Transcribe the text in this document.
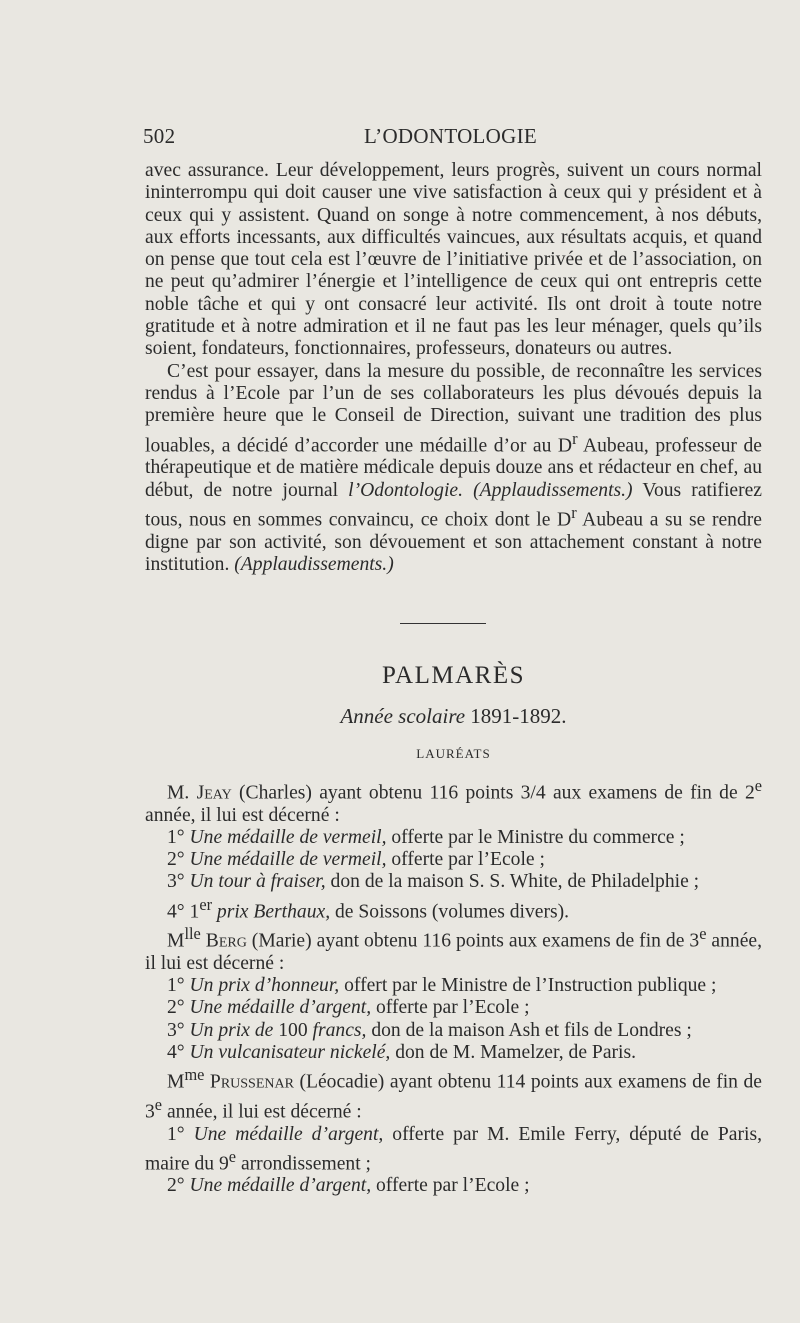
502	L’ODONTOLOGIE

avec assurance. Leur développement, leurs progrès, suivent un cours normal ininterrompu qui doit causer une vive satisfaction à ceux qui y président et à ceux qui y assistent. Quand on songe à notre commencement, à nos débuts, aux efforts incessants, aux difficultés vaincues, aux résultats acquis, et quand on pense que tout cela est l’œuvre de l’initiative privée et de l’association, on ne peut qu’admirer l’énergie et l’intelligence de ceux qui ont entrepris cette noble tâche et qui y ont consacré leur activité. Ils ont droit à toute notre gratitude et à notre admiration et il ne faut pas les leur ménager, quels qu’ils soient, fondateurs, fonctionnaires, professeurs, donateurs ou autres.

C’est pour essayer, dans la mesure du possible, de reconnaître les services rendus à l’Ecole par l’un de ses collaborateurs les plus dévoués depuis la première heure que le Conseil de Direction, suivant une tradition des plus louables, a décidé d’accorder une médaille d’or au $D^r$ Aubeau, professeur de thérapeutique et de matière médicale depuis douze ans et rédacteur en chef, au début, de notre journal l’Odontologie. (Applaudissements.) Vous ratifierez tous, nous en sommes convaincu, ce choix dont le $D^r$ Aubeau a su se rendre digne par son activité, son dévouement et son attachement constant à notre institution. (Applaudissements.)

PALMARÈS
Année scolaire 1891-1892.
LAURÉATS

M. Jeay (Charles) ayant obtenu 116 points 3/4 aux examens de fin de 2e année, il lui est décerné :

1° Une médaille de vermeil, offerte par le Ministre du commerce ;

2° Une médaille de vermeil, offerte par l’Ecole ;

3° Un tour à fraiser, don de la maison S. S. White, de Philadelphie ;

4° 1er prix Berthaux, de Soissons (volumes divers).

$M^{lle}$ Berg (Marie) ayant obtenu 116 points aux examens de fin de 3e année, il lui est décerné :

1° Un prix d’honneur, offert par le Ministre de l’Instruction publique ;

2° Une médaille d’argent, offerte par l’Ecole ;

3° Un prix de 100 francs, don de la maison Ash et fils de Londres ;

4° Un vulcanisateur nickelé, don de M. Mamelzer, de Paris.

$M^{me}$ Prussenar (Léocadie) ayant obtenu 114 points aux examens de fin de 3e année, il lui est décerné :

1° Une médaille d’argent, offerte par M. Emile Ferry, député de Paris, maire du 9e arrondissement ;

2° Une médaille d’argent, offerte par l’Ecole ;
